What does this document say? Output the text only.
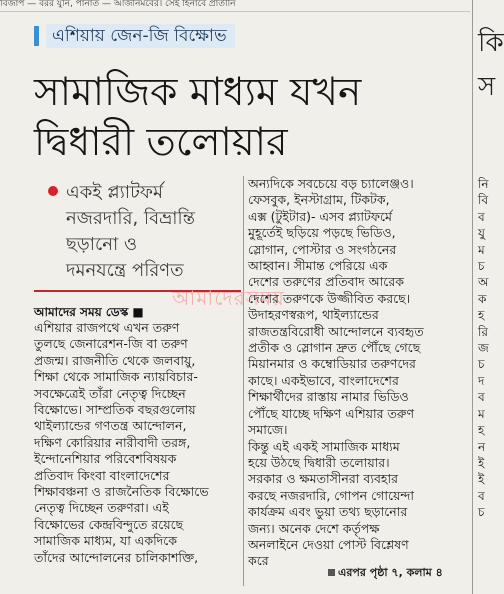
বিজাপ — বরর যুনি, পানাত — আজীনমবের। সেই হিনাবে প্রাতীনি
এশিয়ায় জেন-জি বিক্ষোভ
সামাজিক মাধ্যম যখন
দ্বিধারী তলোয়ার
একই প্ল্যাটফর্ম
নজরদারি, বিভ্রান্তি
ছড়ানো ও
দমনযন্ত্রে পরিণত
আমাদেরসময়
আমাদের সময় ডেস্ক ■
এশিয়ার রাজপথে এখন তরুণ
তুলছে জেনারেশন-জি বা তরুণ
প্রজন্ম। রাজনীতি থেকে জলবায়ু,
শিক্ষা থেকে সামাজিক ন্যায়বিচার-
সবক্ষেত্রেই তাঁরা নেতৃত্ব দিচ্ছেন
বিক্ষোভে। সাম্প্রতিক বছরগুলোয়
থাইল্যান্ডের গণতন্ত্র আন্দোলন,
দক্ষিণ কোরিয়ার নারীবাদী তরঙ্গ,
ইন্দোনেশিয়ার পরিবেশবিষয়ক
প্রতিবাদ কিংবা বাংলাদেশের
শিক্ষাবঞ্চনা ও রাজনৈতিক বিক্ষোভে
নেতৃত্ব দিচ্ছেন তরুণরা। এই
বিক্ষোভের কেন্দ্রবিন্দুতে রয়েছে
সামাজিক মাধ্যম, যা একদিকে
তাঁদের আন্দোলনের চালিকাশক্তি,
অন্যদিকে সবচেয়ে বড় চ্যালেঞ্জও।
ফেসবুক, ইনস্টাগ্রাম, টিকটক,
এক্স (টুইটার)- এসব প্ল্যাটফর্মে
মুহূর্তেই ছড়িয়ে পড়ছে ভিডিও,
স্লোগান, পোস্টার ও সংগঠনের
আহ্বান। সীমান্ত পেরিয়ে এক
দেশের তরুণের প্রতিবাদ আরেক
দেশের তরুণকে উজ্জীবিত করছে।
উদাহরণস্বরূপ, থাইল্যান্ডের
রাজতন্ত্রবিরোধী আন্দোলনে ব্যবহৃত
প্রতীক ও স্লোগান দ্রুত পৌঁছে গেছে
মিয়ানমার ও কম্বোডিয়ার তরুণদের
কাছে। একইভাবে, বাংলাদেশের
শিক্ষার্থীদের রাস্তায় নামার ভিডিও
পৌঁছে যাচ্ছে দক্ষিণ এশিয়ার তরুণ
সমাজে।
কিন্তু এই একই সামাজিক মাধ্যম
হয়ে উঠছে দ্বিধারী তলোয়ার।
সরকার ও ক্ষমতাসীনরা ব্যবহার
করছে নজরদারি, গোপন গোয়েন্দা
কার্যক্রম এবং ভুয়া তথ্য ছড়ানোর
জন্য। অনেক দেশে কর্তৃপক্ষ
অনলাইনে দেওয়া পোস্ট বিশ্লেষণ
করে
এরপর পৃষ্ঠা ৭, কলাম ৪
কি
স
নি
বি
ব
যু
ম
চ
অ
ক
হ
রি
জ
চ
দ
ব
ম
হ
ন
ই
ই
ব
চ
